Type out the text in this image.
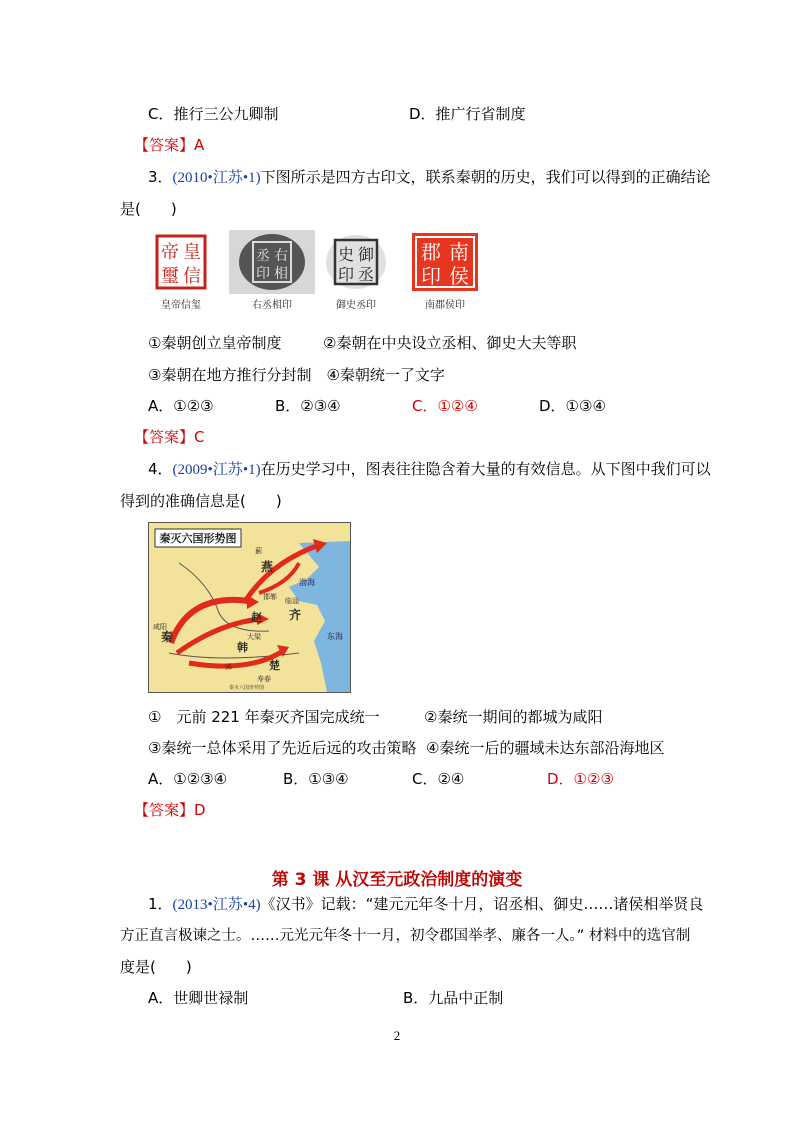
C．推行三公九卿制	D．推广行省制度
【答案】A
3．(2010•江苏•1)下图所示是四方古印文，联系秦朝的历史，我们可以得到的正确结论
是(　　)
皇
帝
信
璽
皇帝信玺
右
丞
相
印
右丞相印
御
史
丞
印
御史丞印
南
郡
侯
印
南郡侯印
①秦朝创立皇帝制度	②秦朝在中央设立丞相、御史大夫等职
③秦朝在地方推行分封制　④秦朝统一了文字
A．①②③	B．②③④	C．①②④	D．①③④
【答案】C
4．(2009•江苏•1)在历史学习中，图表往往隐含着大量的有效信息。从下图中我们可以
得到的准确信息是(　　)
秦灭六国形势图
燕
赵 齐
韩
秦
楚
咸阳
邯郸 临淄
大梁
寿春
郢
蓟
渤海
东海
秦灭六国形势图
①　元前 221 年秦灭齐国完成统一	②秦统一期间的都城为咸阳
③秦统一总体采用了先近后远的攻击策略 ④秦统一后的疆域未达东部沿海地区
A．①②③④	B．①③④	C．②④	D．①②③
【答案】D
第 3 课 从汉至元政治制度的演变
1．(2013•江苏•4)《汉书》记载：“建元元年冬十月，诏丞相、御史……诸侯相举贤良
方正直言极谏之士。……元光元年冬十一月，初令郡国举孝、廉各一人。” 材料中的选官制
度是(　　)
A．世卿世禄制	B．九品中正制
2
